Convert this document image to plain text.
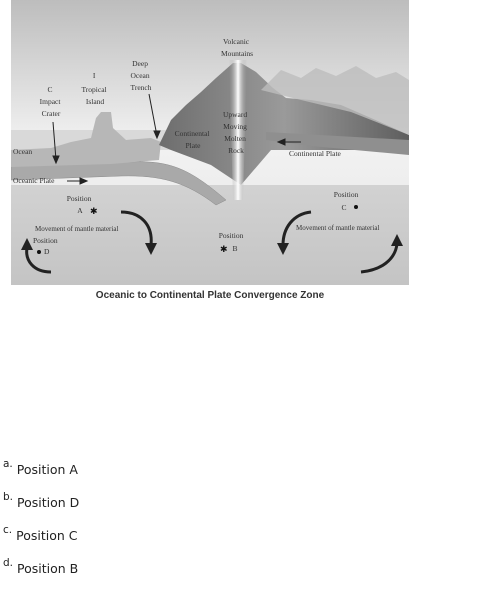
Volcanic Mountains
Deep Ocean Trench
I Tropical Island
C Impact Crater
Continental Plate
Upward Moving Molten Rock	Continental Plate
Ocean
Oceanic Plate
Position A ✱
Position B
✱
Position C
Position D
Movement of mantle material	Movement of mantle material
Oceanic to Continental Plate Convergence Zone
a. Position A
b. Position D
c. Position C
d. Position B
